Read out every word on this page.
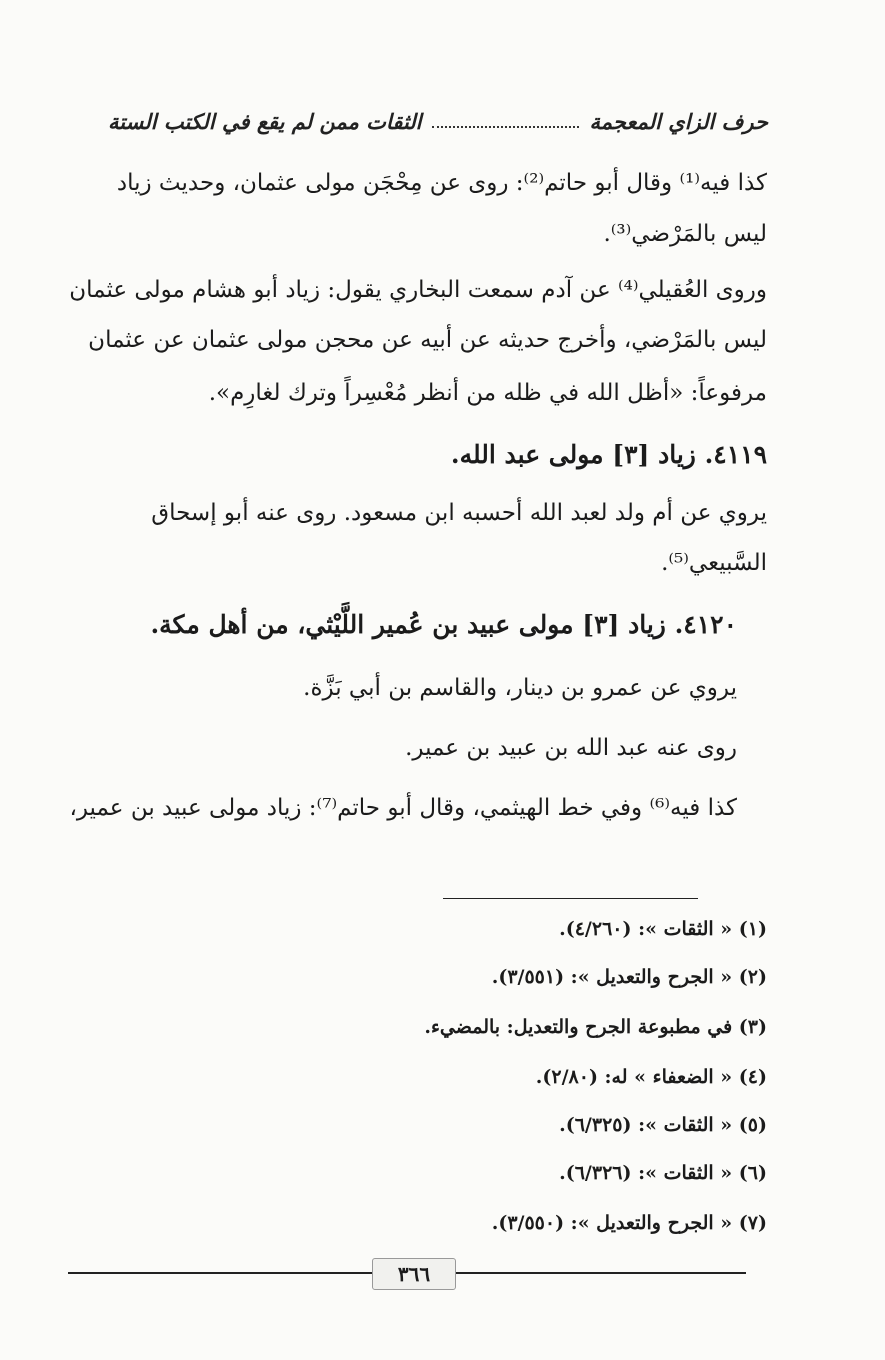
حرف الزاي المعجمة
الثقات ممن لم يقع في الكتب الستة
كذا فيه⁽¹⁾ وقال أبو حاتم⁽²⁾: روى عن مِحْجَن مولى عثمان، وحديث زياد
ليس بالمَرْضي⁽³⁾.
وروى العُقيلي⁽⁴⁾ عن آدم سمعت البخاري يقول: زياد أبو هشام مولى عثمان
ليس بالمَرْضي، وأخرج حديثه عن أبيه عن محجن مولى عثمان عن عثمان
مرفوعاً: «أظل الله في ظله من أنظر مُعْسِراً وترك لغارِم».
٤١١٩. زياد [٣] مولى عبد الله.
يروي عن أم ولد لعبد الله أحسبه ابن مسعود. روى عنه أبو إسحاق
السَّبيعي⁽⁵⁾.
٤١٢٠. زياد [٣] مولى عبيد بن عُمير اللَّيْثي، من أهل مكة.
يروي عن عمرو بن دينار، والقاسم بن أبي بَزَّة.
روى عنه عبد الله بن عبيد بن عمير.
كذا فيه⁽⁶⁾ وفي خط الهيثمي، وقال أبو حاتم⁽⁷⁾: زياد مولى عبيد بن عمير،
(١) « الثقات »: (٤/٢٦٠).
(٢) « الجرح والتعديل »: (٣/٥٥١).
(٣) في مطبوعة الجرح والتعديل: بالمضيء.
(٤) « الضعفاء » له: (٢/٨٠).
(٥) « الثقات »: (٦/٣٢٥).
(٦) « الثقات »: (٦/٣٢٦).
(٧) « الجرح والتعديل »: (٣/٥٥٠).
٣٦٦
